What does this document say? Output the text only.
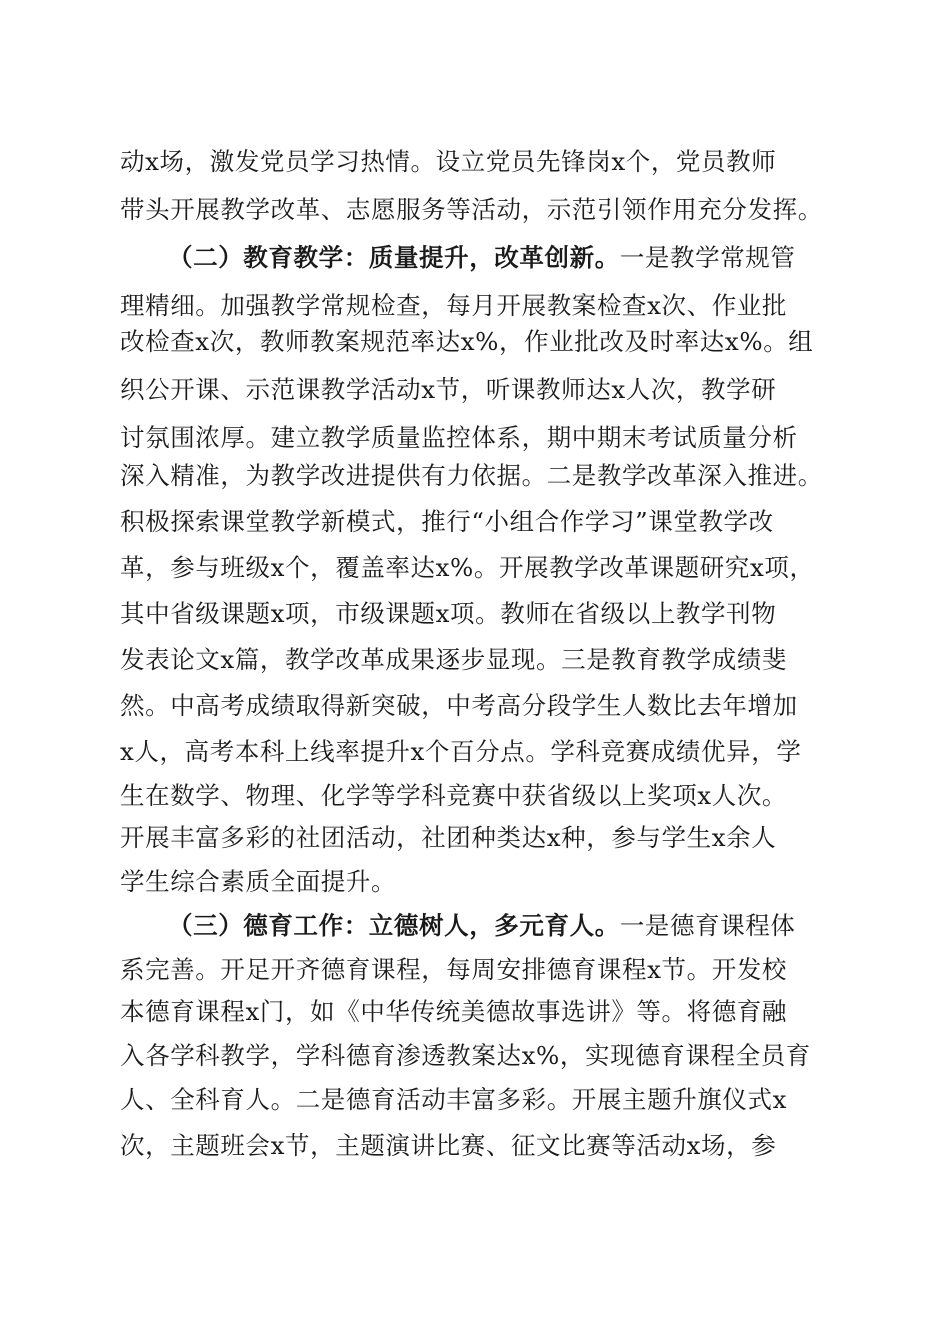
动x场，激发党员学习热情。设立党员先锋岗x个，党员教师
带头开展教学改革、志愿服务等活动，示范引领作用充分发挥。
（二）教育教学：质量提升，改革创新。一是教学常规管
理精细。加强教学常规检查，每月开展教案检查x次、作业批
改检查x次，教师教案规范率达x%，作业批改及时率达x%。组
织公开课、示范课教学活动x节，听课教师达x人次，教学研
讨氛围浓厚。建立教学质量监控体系，期中期末考试质量分析
深入精准，为教学改进提供有力依据。二是教学改革深入推进。
积极探索课堂教学新模式，推行“小组合作学习”课堂教学改
革，参与班级x个，覆盖率达x%。开展教学改革课题研究x项，
其中省级课题x项，市级课题x项。教师在省级以上教学刊物
发表论文x篇，教学改革成果逐步显现。三是教育教学成绩斐
然。中高考成绩取得新突破，中考高分段学生人数比去年增加
x人，高考本科上线率提升x个百分点。学科竞赛成绩优异，学
生在数学、物理、化学等学科竞赛中获省级以上奖项x人次。
开展丰富多彩的社团活动，社团种类达x种，参与学生x余人
学生综合素质全面提升。
（三）德育工作：立德树人，多元育人。一是德育课程体
系完善。开足开齐德育课程，每周安排德育课程x节。开发校
本德育课程x门，如《中华传统美德故事选讲》等。将德育融
入各学科教学，学科德育渗透教案达x%，实现德育课程全员育
人、全科育人。二是德育活动丰富多彩。开展主题升旗仪式x
次，主题班会x节，主题演讲比赛、征文比赛等活动x场，参
